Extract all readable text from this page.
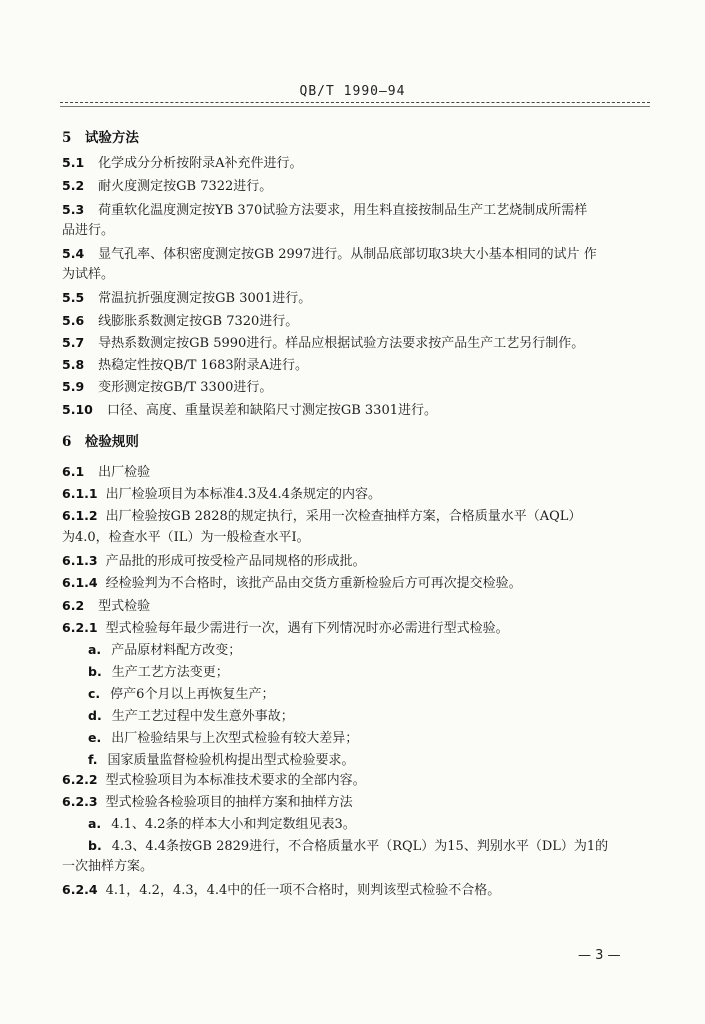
QB/T 1990—94
5　试验方法
5.1 化学成分分析按附录A补充件进行。
5.2 耐火度测定按GB 7322进行。
5.3 荷重软化温度测定按YB 370试验方法要求，用生料直接按制品生产工艺烧制成所需样
品进行。
5.4 显气孔率、体积密度测定按GB 2997进行。从制品底部切取3块大小基本相同的试片 作
为试样。
5.5 常温抗折强度测定按GB 3001进行。
5.6 线膨胀系数测定按GB 7320进行。
5.7 导热系数测定按GB 5990进行。样品应根据试验方法要求按产品生产工艺另行制作。
5.8 热稳定性按QB/T 1683附录A进行。
5.9 变形测定按GB/T 3300进行。
5.10 口径、高度、重量误差和缺陷尺寸测定按GB 3301进行。
6　检验规则
6.1 出厂检验
6.1.1 出厂检验项目为本标准4.3及4.4条规定的内容。
6.1.2 出厂检验按GB 2828的规定执行，采用一次检查抽样方案，合格质量水平（AQL）
为4.0，检查水平（IL）为一般检查水平Ⅰ。
6.1.3 产品批的形成可按受检产品同规格的形成批。
6.1.4 经检验判为不合格时，该批产品由交货方重新检验后方可再次提交检验。
6.2 型式检验
6.2.1 型式检验每年最少需进行一次，遇有下列情况时亦必需进行型式检验。
a. 产品原材料配方改变；
b. 生产工艺方法变更；
c. 停产6个月以上再恢复生产；
d. 生产工艺过程中发生意外事故；
e. 出厂检验结果与上次型式检验有较大差异；
f. 国家质量监督检验机构提出型式检验要求。
6.2.2 型式检验项目为本标准技术要求的全部内容。
6.2.3 型式检验各检验项目的抽样方案和抽样方法
a. 4.1、4.2条的样本大小和判定数组见表3。
b. 4.3、4.4条按GB 2829进行，不合格质量水平（RQL）为15、判别水平（DL）为1的
一次抽样方案。
6.2.4 4.1，4.2，4.3，4.4中的任一项不合格时，则判该型式检验不合格。
— 3 —
